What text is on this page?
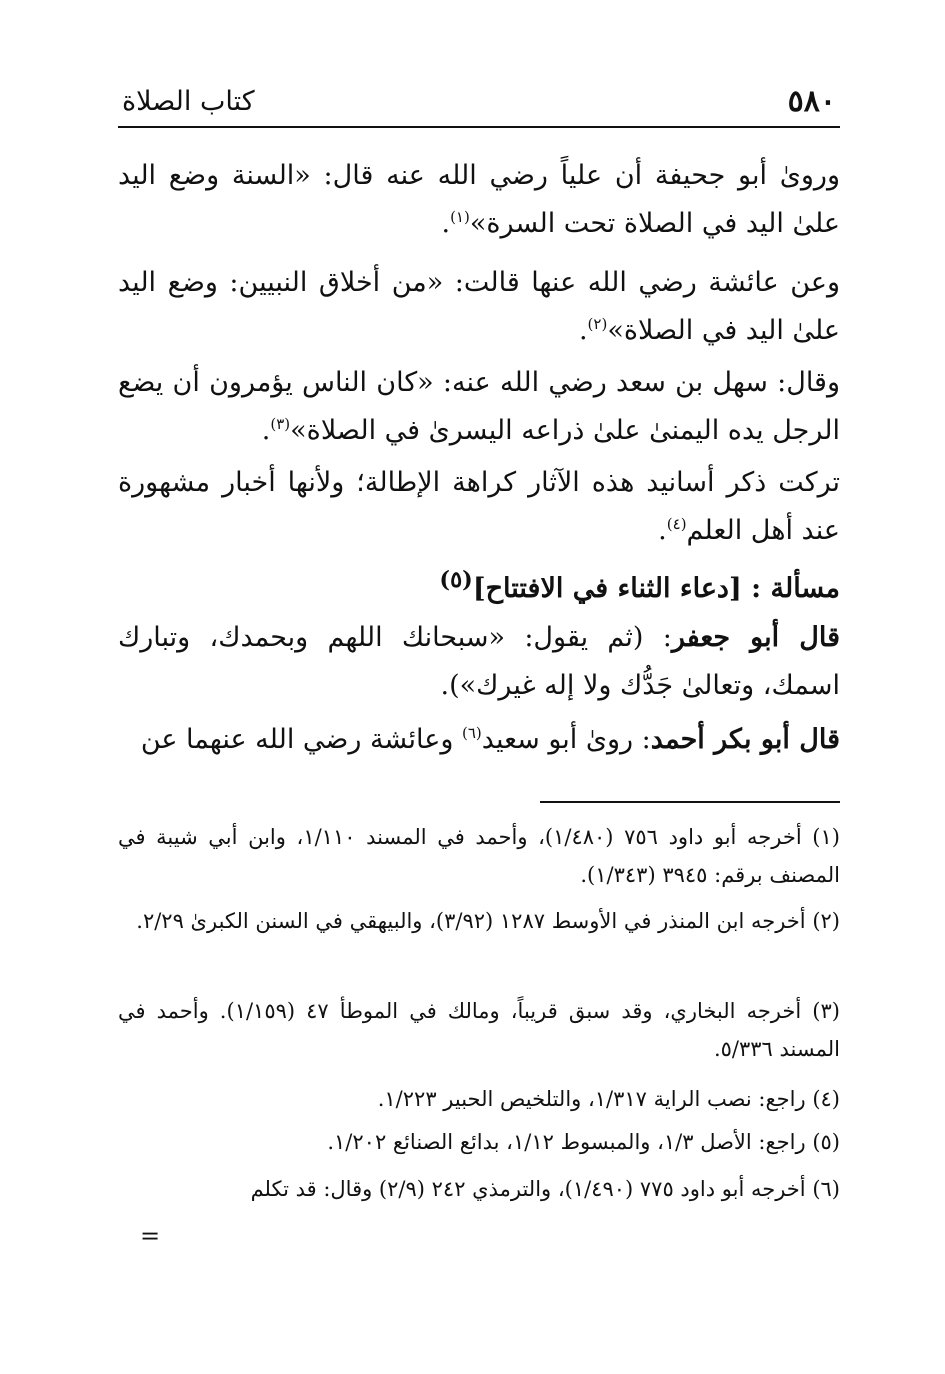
٥٨٠
كتاب الصلاة

وروىٰ أبو جحيفة أن علياً رضي الله عنه قال: «السنة وضع اليد علىٰ اليد في الصلاة تحت السرة»$^{(١)}$.

وعن عائشة رضي الله عنها قالت: «من أخلاق النبيين: وضع اليد علىٰ اليد في الصلاة»$^{(٢)}$.

وقال: سهل بن سعد رضي الله عنه: «كان الناس يؤمرون أن يضع الرجل يده اليمنىٰ علىٰ ذراعه اليسرىٰ في الصلاة»$^{(٣)}$.

تركت ذكر أسانيد هذه الآثار كراهة الإطالة؛ ولأنها أخبار مشهورة عند أهل العلم$^{(٤)}$.

مسألة : [دعاء الثناء في الافتتاح]$^{(٥)}$

قال أبو جعفر: (ثم يقول: «سبحانك اللهم وبحمدك، وتبارك اسمك، وتعالىٰ جَدُّك ولا إله غيرك»).

قال أبو بكر أحمد: روىٰ أبو سعيد$^{(٦)}$ وعائشة رضي الله عنهما عن

(١) أخرجه أبو داود ٧٥٦ (١/٤٨٠)، وأحمد في المسند ١/١١٠، وابن أبي شيبة في المصنف برقم: ٣٩٤٥ (١/٣٤٣).

(٢) أخرجه ابن المنذر في الأوسط ١٢٨٧ (٣/٩٢)، والبيهقي في السنن الكبرىٰ ٢/٢٩.

(٣) أخرجه البخاري، وقد سبق قريباً، ومالك في الموطأ ٤٧ (١/١٥٩). وأحمد في المسند ٥/٣٣٦.

(٤) راجع: نصب الراية ١/٣١٧، والتلخيص الحبير ١/٢٢٣.

(٥) راجع: الأصل ١/٣، والمبسوط ١/١٢، بدائع الصنائع ١/٢٠٢.

(٦) أخرجه أبو داود ٧٧٥ (١/٤٩٠)، والترمذي ٢٤٢ (٢/٩) وقال: قد تكلم

=
